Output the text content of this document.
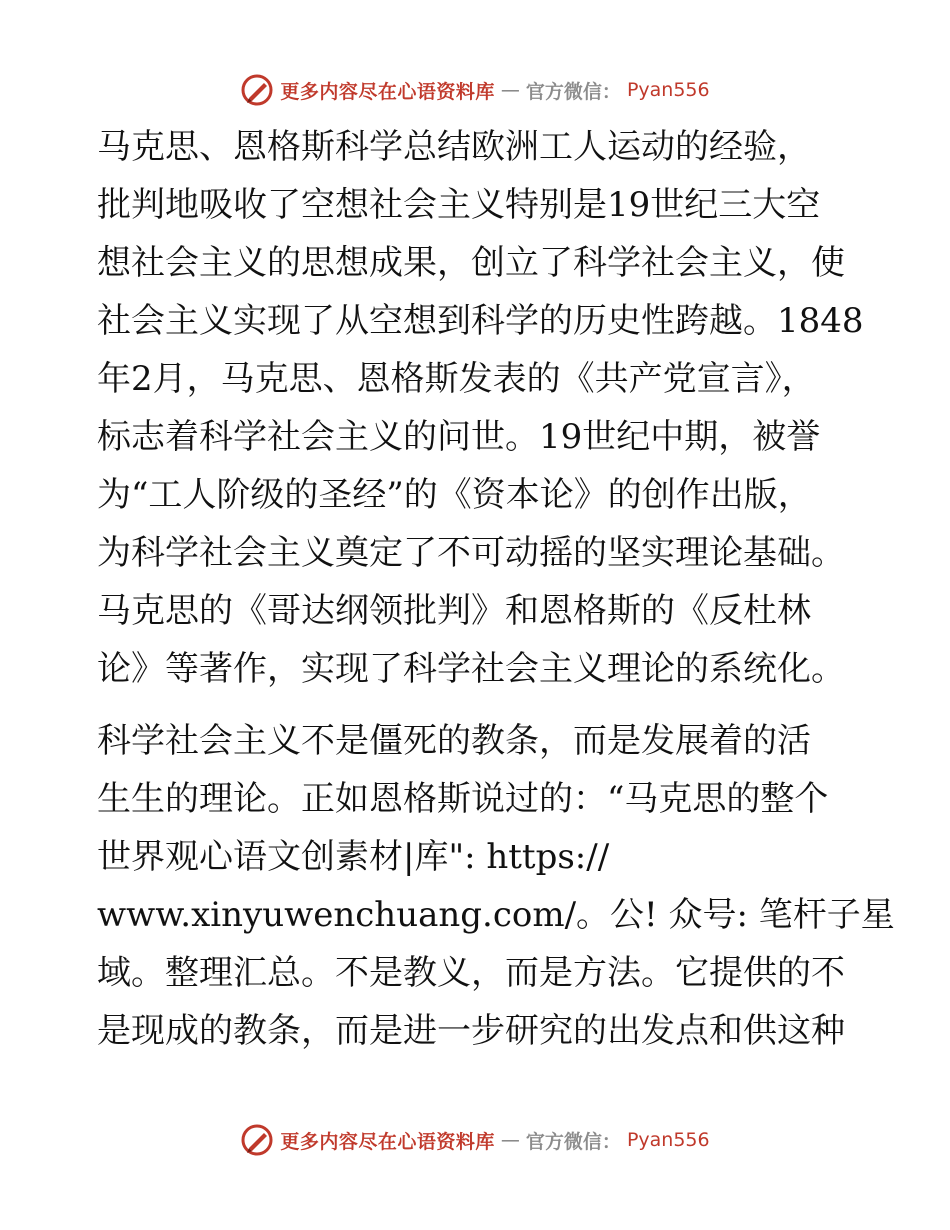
更多内容尽在心语资料库 — 官方微信： Pyan556
马克思、恩格斯科学总结欧洲工人运动的经验，
批判地吸收了空想社会主义特别是19世纪三大空
想社会主义的思想成果，创立了科学社会主义，使
社会主义实现了从空想到科学的历史性跨越。1848
年2月，马克思、恩格斯发表的《共产党宣言》，
标志着科学社会主义的问世。19世纪中期，被誉
为“工人阶级的圣经”的《资本论》的创作出版，
为科学社会主义奠定了不可动摇的坚实理论基础。
马克思的《哥达纲领批判》和恩格斯的《反杜林
论》等著作，实现了科学社会主义理论的系统化。
科学社会主义不是僵死的教条，而是发展着的活
生生的理论。正如恩格斯说过的：“马克思的整个
世界观心语文创素材|库": https://
www.xinyuwenchuang.com/。公! 众号: 笔杆子星
域。整理汇总。不是教义，而是方法。它提供的不
是现成的教条，而是进一步研究的出发点和供这种
更多内容尽在心语资料库 — 官方微信： Pyan556
